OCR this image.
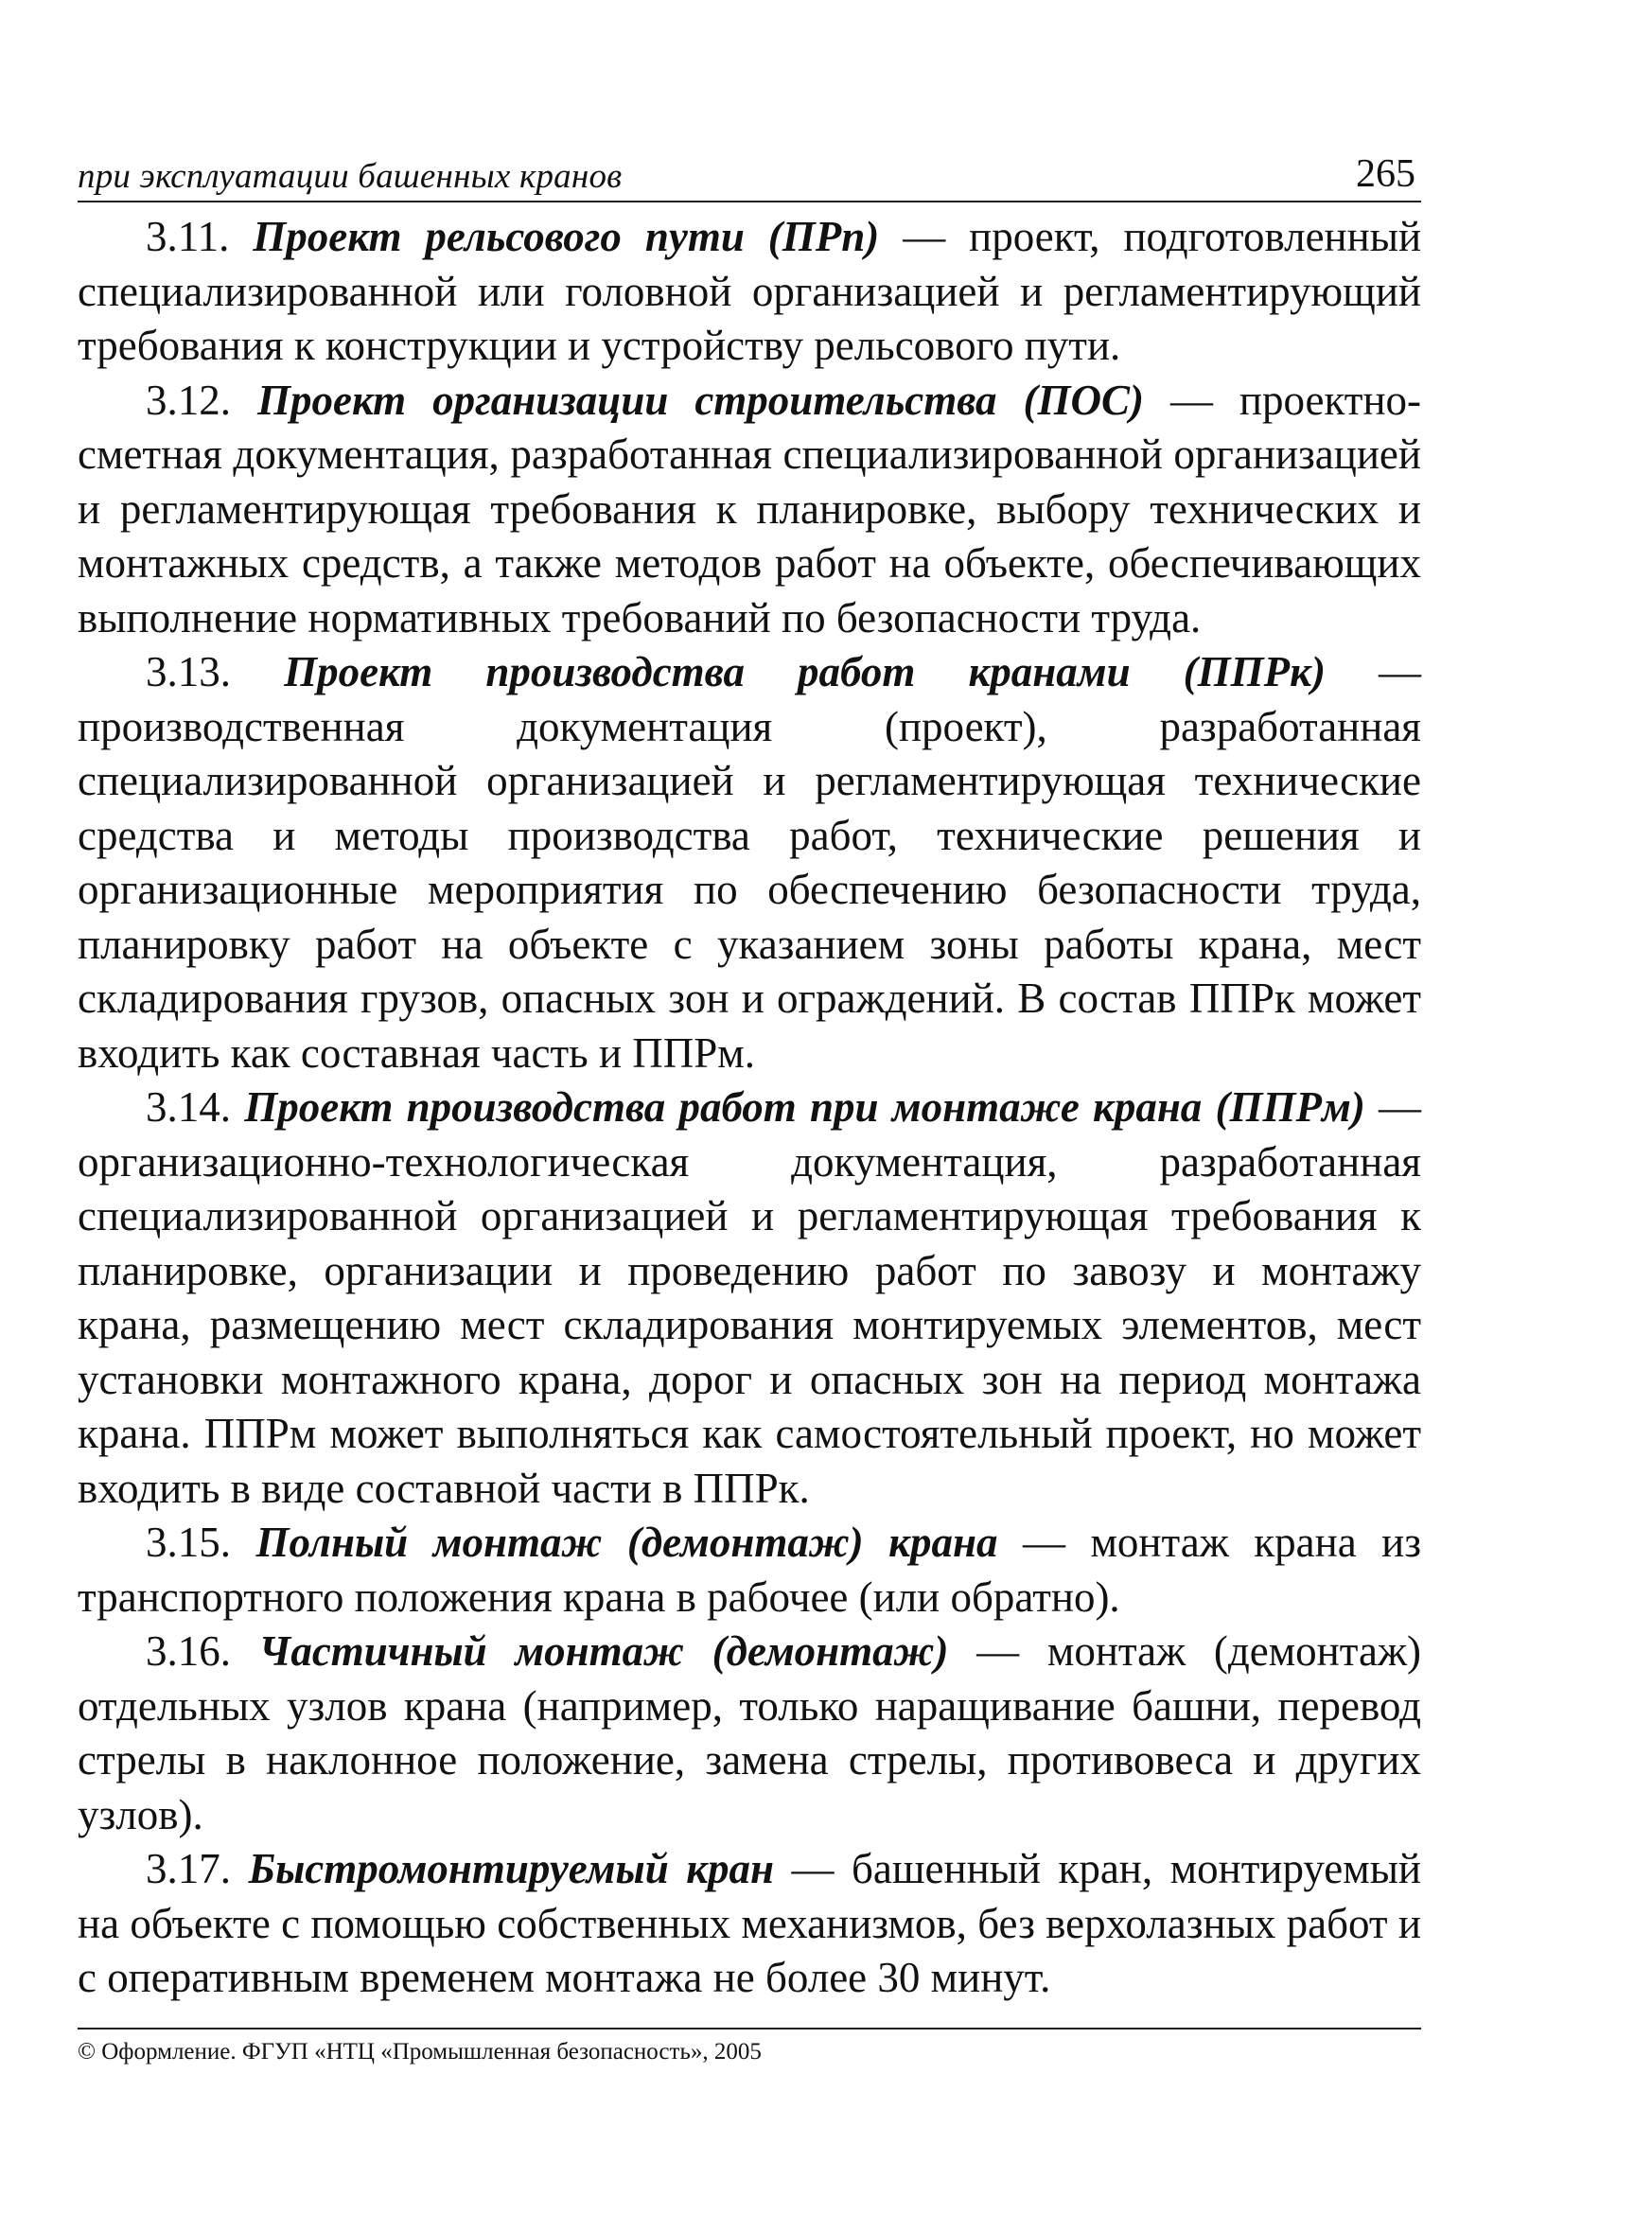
при эксплуатации башенных кранов	265

3.11. Проект рельсового пути (ПРп) — проект, подготовленный специализированной или головной организацией и регламентирующий требования к конструкции и устройству рельсового пути.

3.12. Проект организации строительства (ПОС) — проектно-сметная документация, разработанная специализированной организацией и регламентирующая требования к планировке, выбору технических и монтажных средств, а также методов работ на объекте, обеспечивающих выполнение нормативных требований по безопасности труда.

3.13. Проект производства работ кранами (ППРк) — производственная документация (проект), разработанная специализированной организацией и регламентирующая технические средства и методы производства работ, технические решения и организационные мероприятия по обеспечению безопасности труда, планировку работ на объекте с указанием зоны работы крана, мест складирования грузов, опасных зон и ограждений. В состав ППРк может входить как составная часть и ППРм.

3.14. Проект производства работ при монтаже крана (ППРм) — организационно-технологическая документация, разработанная специализированной организацией и регламентирующая требования к планировке, организации и проведению работ по завозу и монтажу крана, размещению мест складирования монтируемых элементов, мест установки монтажного крана, дорог и опасных зон на период монтажа крана. ППРм может выполняться как самостоятельный проект, но может входить в виде составной части в ППРк.

3.15. Полный монтаж (демонтаж) крана — монтаж крана из транспортного положения крана в рабочее (или обратно).

3.16. Частичный монтаж (демонтаж) — монтаж (демонтаж) отдельных узлов крана (например, только наращивание башни, перевод стрелы в наклонное положение, замена стрелы, противовеса и других узлов).

3.17. Быстромонтируемый кран — башенный кран, монтируемый на объекте с помощью собственных механизмов, без верхолазных работ и с оперативным временем монтажа не более 30 минут.

© Оформление. ФГУП «НТЦ «Промышленная безопасность», 2005
